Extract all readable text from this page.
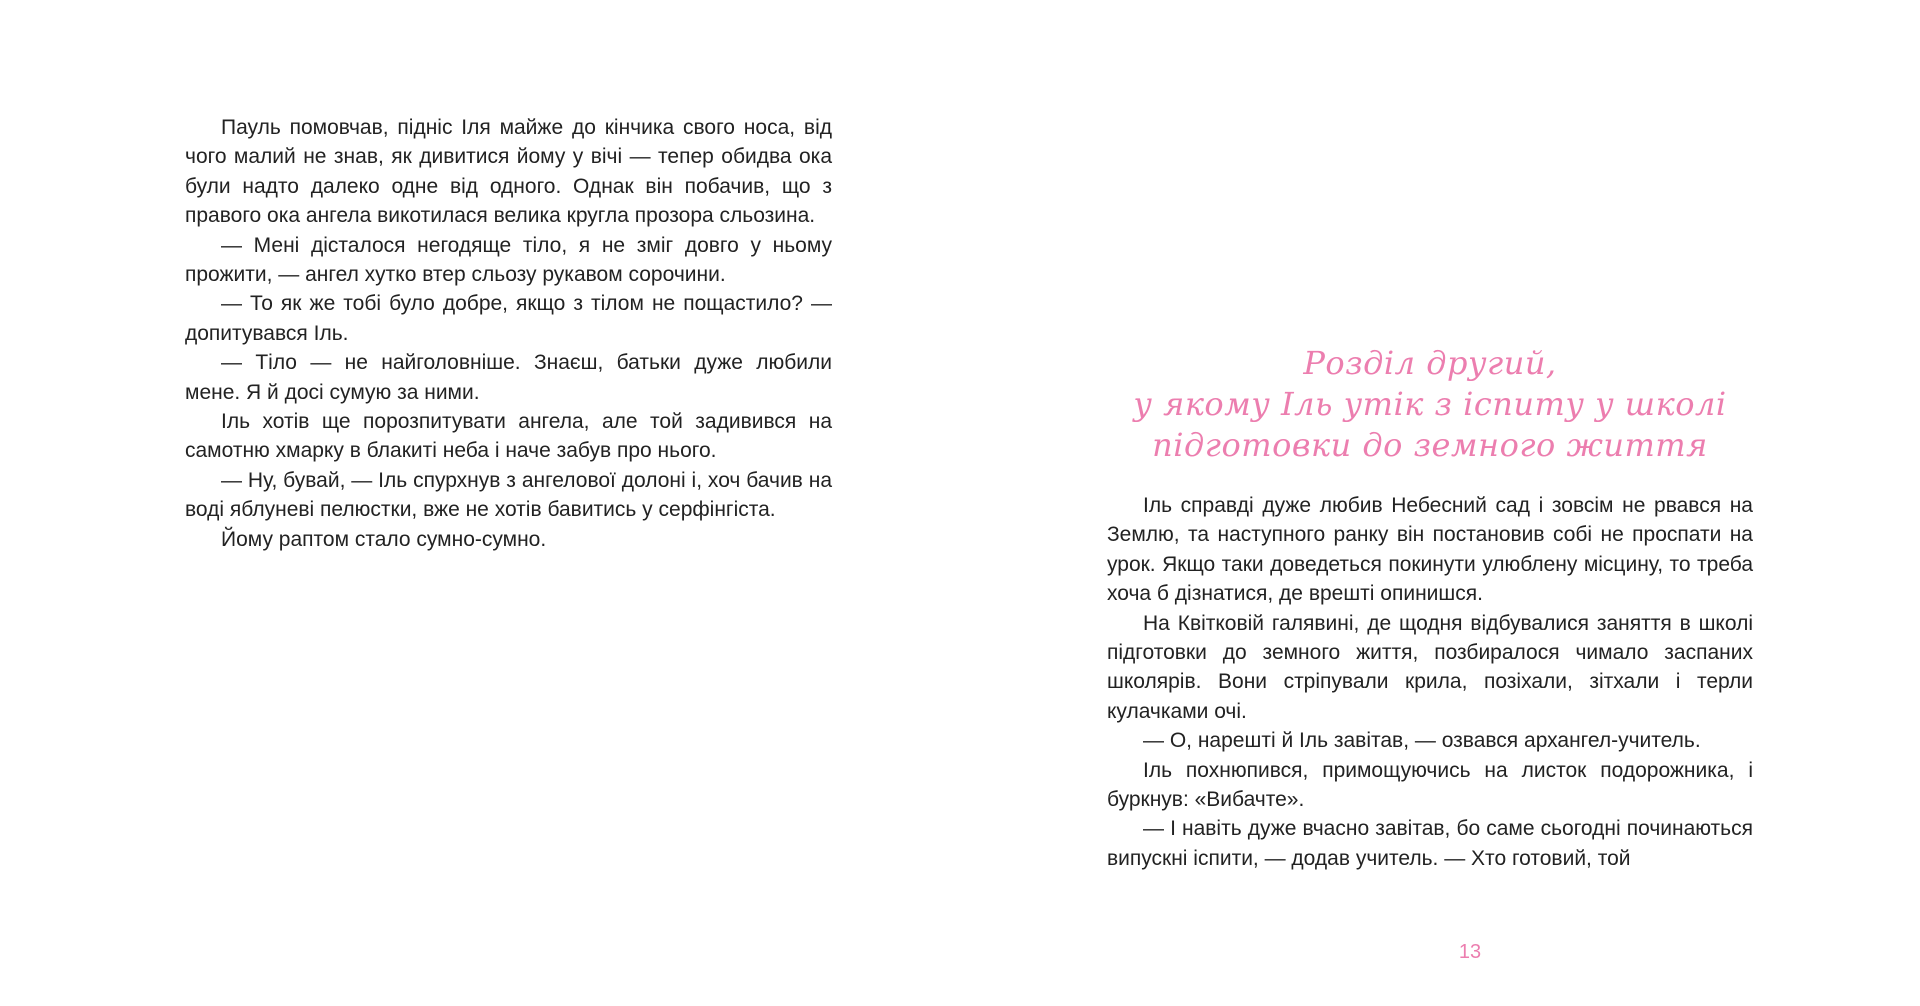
Пауль помовчав, підніс Іля майже до кінчика свого носа, від чого малий не знав, як дивитися йому у вічі — тепер обидва ока були надто далеко одне від одного. Однак він побачив, що з правого ока ангела викотилася велика кругла прозора сльозина.

— Мені дісталося негодяще тіло, я не зміг довго у ньому прожити, — ангел хутко втер сльозу рукавом сорочини.

— То як же тобі було добре, якщо з тілом не пощастило? — допитувався Іль.

— Тіло — не найголовніше. Знаєш, батьки дуже любили мене. Я й досі сумую за ними.

Іль хотів ще порозпитувати ангела, але той задивився на самотню хмарку в блакиті неба і наче забув про нього.

— Ну, бувай, — Іль спурхнув з ангелової долоні і, хоч бачив на воді яблуневі пелюстки, вже не хотів бавитись у серфінгіста.

Йому раптом стало сумно-сумно.

Розділ другий,
у якому Іль утік з іспиту у школі
підготовки до земного життя

Іль справді дуже любив Небесний сад і зовсім не рвався на Землю, та наступного ранку він постановив собі не проспати на урок. Якщо таки доведеться покинути улюблену місцину, то треба хоча б дізнатися, де врешті опинишся.

На Квітковій галявині, де щодня відбувалися заняття в школі підготовки до земного життя, позбиралося чимало заспаних школярів. Вони стріпували крила, позіхали, зітхали і терли кулачками очі.

— О, нарешті й Іль завітав, — озвався архангел-учитель.

Іль похнюпився, примощуючись на листок подорожника, і буркнув: «Вибачте».

— І навіть дуже вчасно завітав, бо саме сьогодні починаються випускні іспити, — додав учитель. — Хто готовий, той

13
